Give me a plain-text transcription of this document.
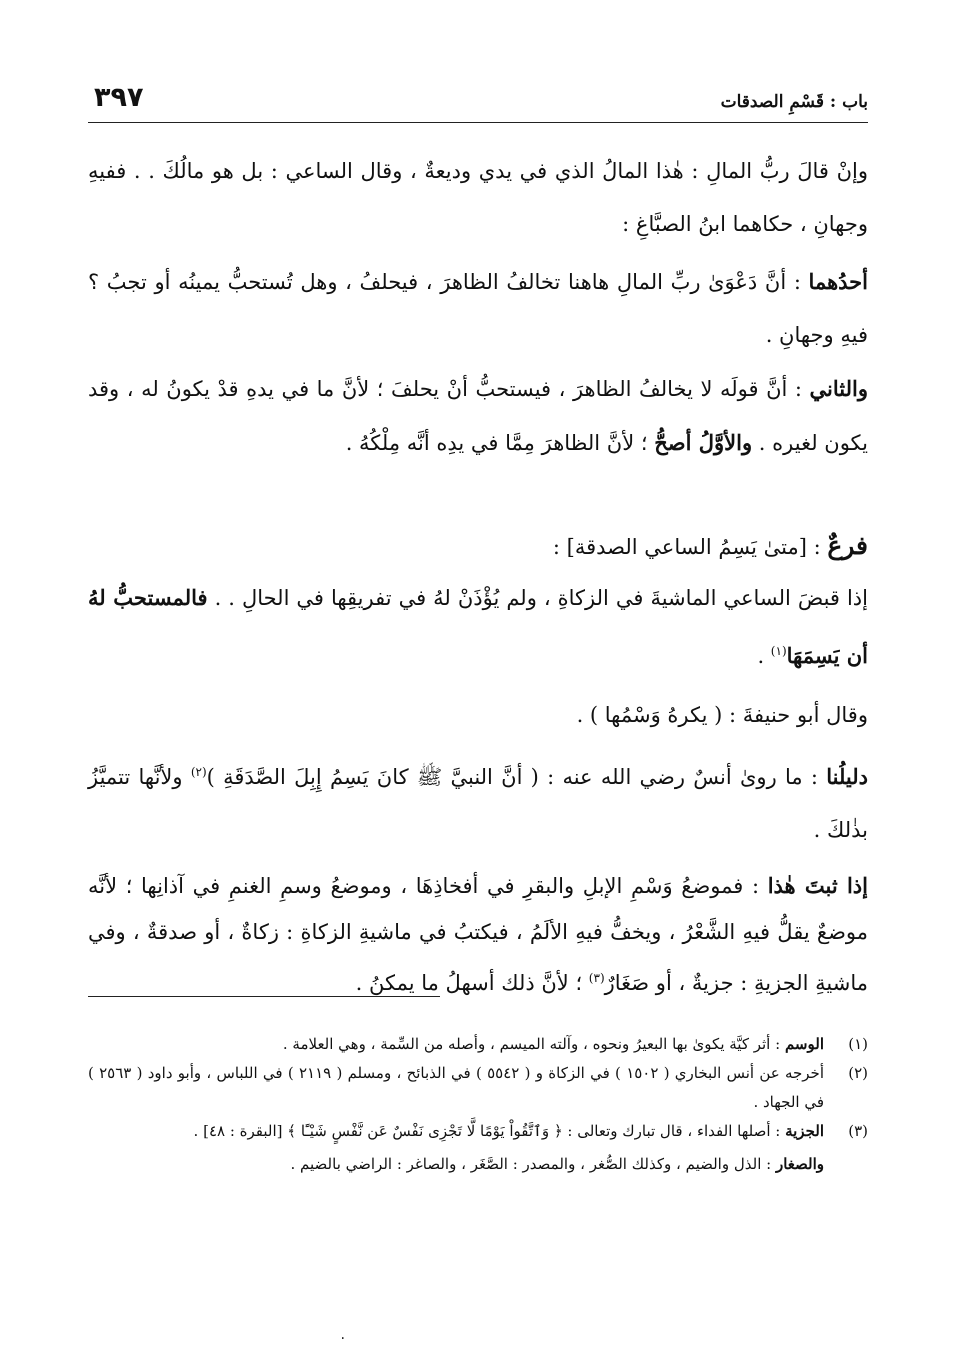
باب : قَسْمِ الصدقات
٣٩٧

وإنْ قالَ ربُّ المالِ : هٰذا المالُ الذي في يدي وديعةٌ ، وقال الساعي : بل هو مالُكَ . . ففيهِ وجهانِ ، حكاهما ابنُ الصبَّاغِ :

أحدُهما : أنَّ دَعْوَىٰ ربِّ المالِ هاهنا تخالفُ الظاهرَ ، فيحلفُ ، وهل تُستحبُّ يمينُه أو تجبُ ؟ فيهِ وجهانِ .

والثاني : أنَّ قولَه لا يخالفُ الظاهرَ ، فيستحبُّ أنْ يحلفَ ؛ لأنَّ ما في يدهِ قدْ يكونُ له ، وقد يكون لغيره . والأوَّلُ أصحُّ ؛ لأنَّ الظاهرَ مِمَّا في يدِه أنَّه مِلْكُهُ .

فرعٌ : [متىٰ يَسِمُ الساعي الصدقة] :

إذا قبضَ الساعي الماشيةَ في الزكاةِ ، ولم يُؤْذَنْ لهُ في تفريقِها في الحالِ . . فالمستحبُّ لهُ أن يَسِمَهَا$^{(١)}$ .

وقال أبو حنيفةَ : ( يكرهُ وَسْمُها ) .

دليلُنا : ما روىٰ أنسٌ رضي الله عنه : ( أنَّ النبيَّ ﷺ كانَ يَسِمُ إِبِلَ الصَّدَقَةِ )$^{(٢)}$ ولأنَّها تتميَّزُ بذٰلكَ .

إذا ثبتَ هٰذا : فموضعُ وَسْمِ الإبلِ والبقرِ في أفخاذِهَا ، وموضعُ وسمِ الغنمِ في آذانِها ؛ لأنَّه موضعٌ يقلُّ فيهِ الشَّعْرُ ، ويخفُّ فيهِ الألَمُ ، فيكتبُ في ماشيةِ الزكاةِ : زكاةٌ ، أو صدقةٌ ، وفي ماشيةِ الجزيةِ : جزيةٌ ، أو صَغَارٌ$^{(٣)}$ ؛ لأنَّ ذلك أسهلُ ما يمكنُ .

(١)
الوسم : أثر كيَّة يكوىٰ بها البعيرُ ونحوه ، وآلته الميسم ، وأصله من السِّمة ، وهي العلامة .
(٢)
أخرجه عن أنس البخاري ( ١٥٠٢ ) في الزكاة و ( ٥٥٤٢ ) في الذبائح ، ومسلم ( ٢١١٩ ) في اللباس ، وأبو داود ( ٢٥٦٣ ) في الجهاد .
(٣)
الجزية : أصلها الفداء ، قال تبارك وتعالى : ﴿ وَٱتَّقُواْ يَوْمًا لَّا تَجْزِى نَفْسٌ عَن نَّفْسٍ شَيْـًٔا ﴾ [البقرة : ٤٨] .
والصغار : الذل والضيم ، وكذلك الصُّغر ، والمصدر : الصَّغَر ، والصاغر : الراضي بالضيم .
٠
